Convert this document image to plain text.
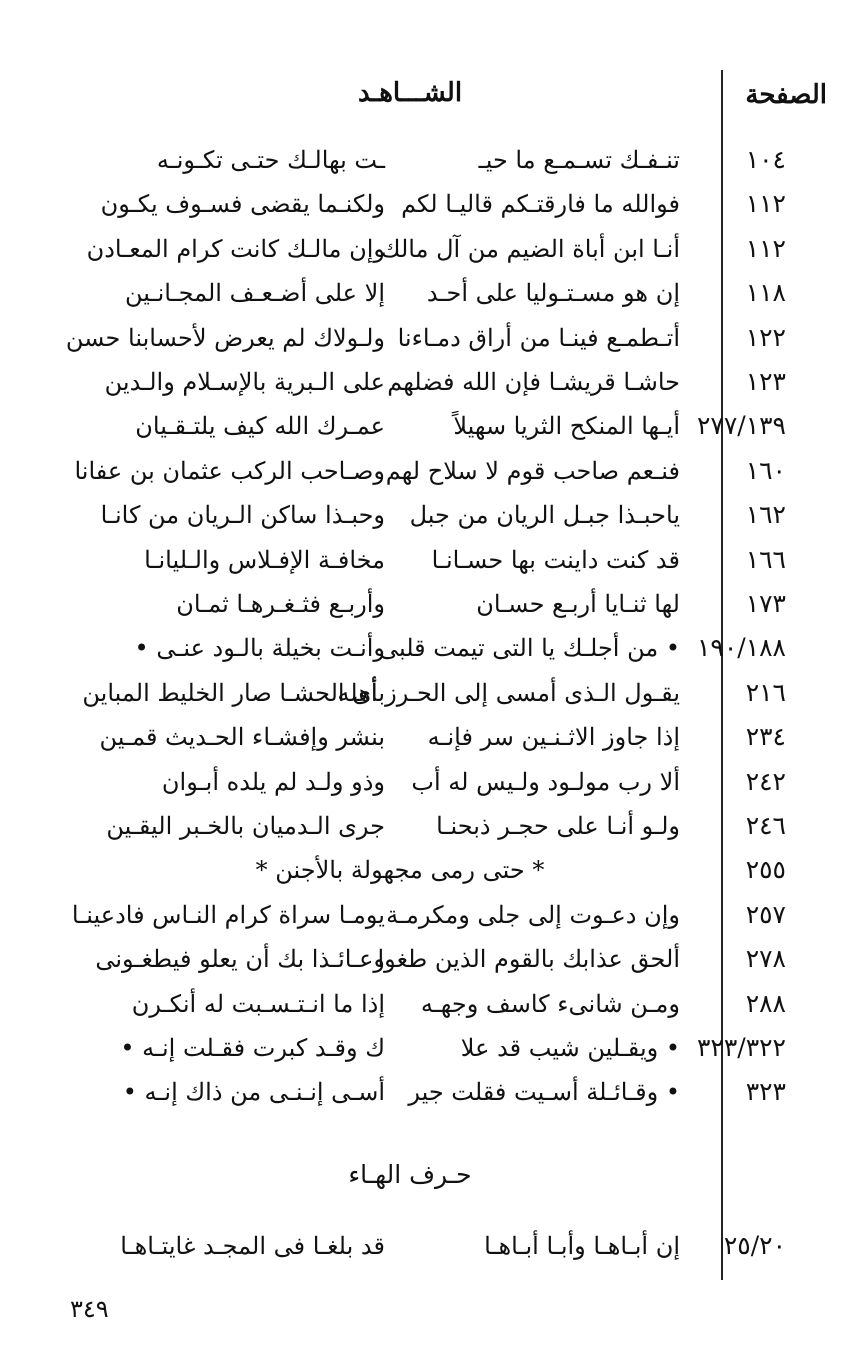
الصفحة
الشـــاهـد
١٠٤
تنـفـك تسـمـع ما حيـ
ـت بهالـك حتـى تكـونـه
١١٢
فوالله ما فارقتـكم قاليـا لكم
ولكنـما يقضى فسـوف يكـون
١١٢
أنـا ابن أباة الضيم من آل مالك
وإن مالـك كانت كرام المعـادن
١١٨
إن هو مسـتـوليا على أحـد
إلا على أضـعـف المجـانـين
١٢٢
أتـطمـع فينـا من أراق دمـاءنا
ولـولاك لم يعرض لأحسابنا حسن
١٢٣
حاشـا قريشـا فإن الله فضلهم
على الـبرية بالإسـلام والـدين
٢٧٧/١٣٩
أيـها المنكح الثريا سهيلاً
عمـرك الله كيف يلتـقـيان
١٦٠
فنـعم صاحب قوم لا سلاح لهم
وصـاحب الركب عثمان بن عفانا
١٦٢
ياحبـذا جبـل الريان من جبل
وحبـذا ساكن الـريان من كانـا
١٦٦
قد كنت داينت بها حسـانـا
مخافـة الإفـلاس والـليانـا
١٧٣
لها ثنـايا أربـع حسـان
وأربـع فثـغـرهـا ثمـان
١٩٠/١٨٨
• من أجلـك يا التى تيمت قلبى
وأنـت بخيلة بالـود عنـى •
٢١٦
يقـول الـذى أمسى إلى الحـرز أهله
بأى الحشـا صار الخليط المباين
٢٣٤
إذا جاوز الاثـنـين سر فإنـه
بنشر وإفشـاء الحـديث قمـين
٢٤٢
ألا رب مولـود ولـيس له أب
وذو ولـد لم يلده أبـوان
٢٤٦
ولـو أنـا على حجـر ذبحنـا
جرى الـدميان بالخـبر اليقـين
٢٥٥
* حتى رمى مجهولة بالأجنن *
٢٥٧
وإن دعـوت إلى جلى ومكرمـة
يومـا سراة كرام النـاس فادعينـا
٢٧٨
ألحق عذابك بالقوم الذين طغوا
وعـائـذا بك أن يعلو فيطغـونى
٢٨٨
ومـن شانىء كاسف وجهـه
إذا ما انـتـسـبت له أنكـرن
٣٢٣/٣٢٢
• ويقـلين شيب قد علا
ك وقـد كبرت فقـلت إنـه •
٣٢٣
• وقـائـلة أسـيت فقلت جير
أسـى إنـنـى من ذاك إنـه •
حـرف الهـاء
٢٥/٢٠
إن أبـاهـا وأبـا أبـاهـا
قد بلغـا فى المجـد غايتـاهـا
٣٤٩
